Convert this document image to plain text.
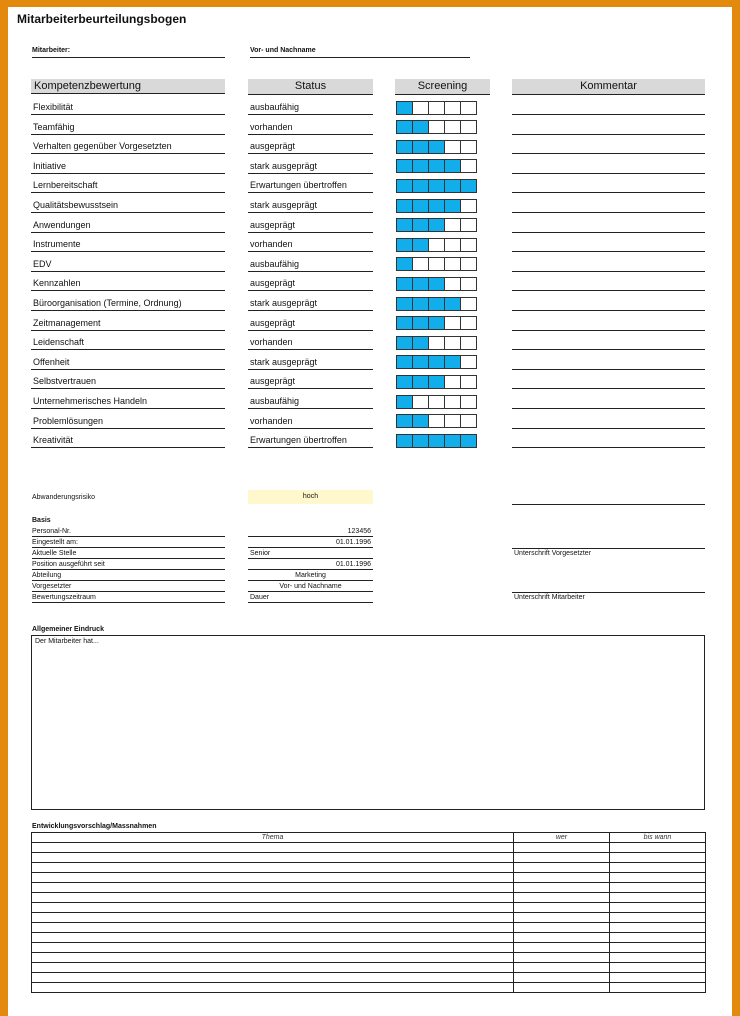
Mitarbeiterbeurteilungsbogen
Mitarbeiter:	Vor- und Nachname
Kompetenzbewertung	Status	Screening	Kommentar
Flexibilität	ausbaufähig
Teamfähig	vorhanden
Verhalten gegenüber Vorgesetzten	ausgeprägt
Initiative	stark ausgeprägt
Lernbereitschaft	Erwartungen übertroffen
Qualitätsbewusstsein	stark ausgeprägt
Anwendungen	ausgeprägt
Instrumente	vorhanden
EDV	ausbaufähig
Kennzahlen	ausgeprägt
Büroorganisation (Termine, Ordnung)	stark ausgeprägt
Zeitmanagement	ausgeprägt
Leidenschaft	vorhanden
Offenheit	stark ausgeprägt
Selbstvertrauen	ausgeprägt
Unternehmerisches Handeln	ausbaufähig
Problemlösungen	vorhanden
Kreativität	Erwartungen übertroffen
Abwanderungsrisiko	hoch
Basis
Personal-Nr.	123456
Eingestellt am:	01.01.1996
Aktuelle Stelle	Senior
Position ausgeführt seit	01.01.1996
Abteilung	Marketing
Vorgesetzter	Vor- und Nachname
Bewertungszeitraum	Dauer
Unterschrift Vorgesetzter
Unterschrift Mitarbeiter
Allgemeiner Eindruck
Der Mitarbeiter hat...
Entwicklungsvorschlag/Massnahmen
Thema	wer	bis wann
